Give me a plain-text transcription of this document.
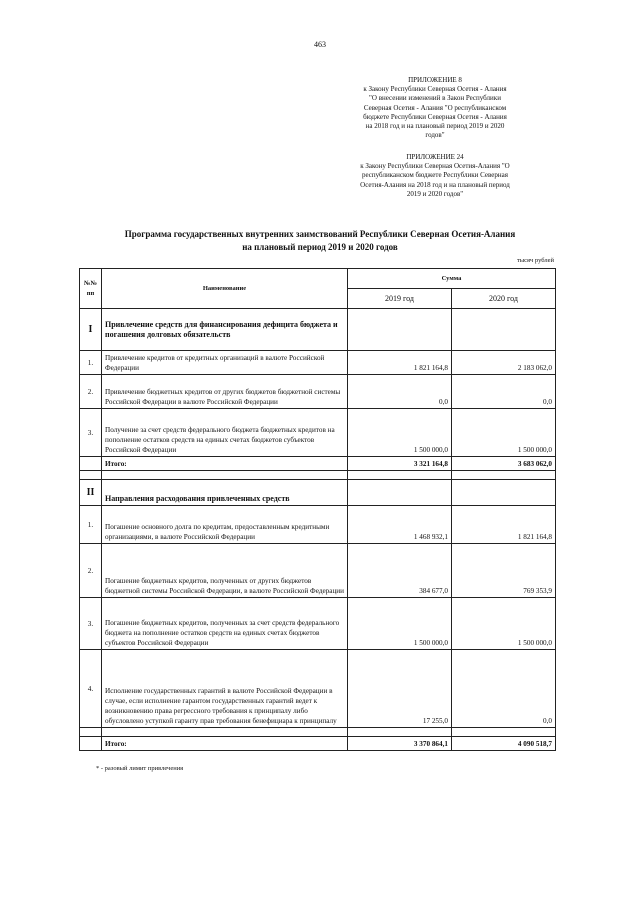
463
ПРИЛОЖЕНИЕ 8
к Закону Республики Северная Осетия - Алания
"О внесении изменений в Закон Республики
Северная Осетия - Алания "О республиканском
бюджете Республики Северная Осетия - Алания
на 2018 год и на плановый период 2019 и 2020
годов"
ПРИЛОЖЕНИЕ 24
к Закону Республики Северная Осетия-Алания "О
республиканском бюджете Республики Северная
Осетия-Алания на 2018 год и на плановый период
2019 и 2020 годов"
Программа государственных внутренних заимствований Республики Северная Осетия-Алания
на плановый период 2019 и 2020 годов
тысяч рублей
№№ пп	Наименование	Сумма	
		2019 год	2020 год
I	Привлечение средств для финансирования дефицита бюджета и погашения долговых обязательств		
1.	Привлечение кредитов от кредитных организаций в валюте Российской Федерации	1 821 164,8	2 183 062,0
2.	Привлечение бюджетных кредитов от других бюджетов бюджетной системы Российской Федерации в валюте Российской Федерации	0,0	0,0
3.	Получение за счет средств федерального бюджета бюджетных кредитов на пополнение остатков средств на единых счетах бюджетов субъектов Российской Федерации	1 500 000,0	1 500 000,0
	Итого:	3 321 164,8	3 683 062,0

II	Направления расходования привлеченных средств		
1.	Погашение основного долга по кредитам, предоставленным кредитными организациями, в валюте Российской Федерации	1 468 932,1	1 821 164,8
2.	Погашение бюджетных кредитов, полученных от других бюджетов бюджетной системы Российской Федерации, в валюте Российской Федерации	384 677,0	769 353,9
3.	Погашение бюджетных кредитов, полученных за счет средств федерального бюджета на пополнение остатков средств на единых счетах бюджетов субъектов Российской Федерации	1 500 000,0	1 500 000,0
4.	Исполнение государственных гарантий в валюте Российской Федерации в случае, если исполнение гарантом государственных гарантий ведет к возникновению права регрессного требования к принципалу либо обусловлено уступкой гаранту прав требования бенефициара к принципалу	17 255,0	0,0

	Итого:	3 370 864,1	4 090 518,7
* - разовый лимит привлечения
